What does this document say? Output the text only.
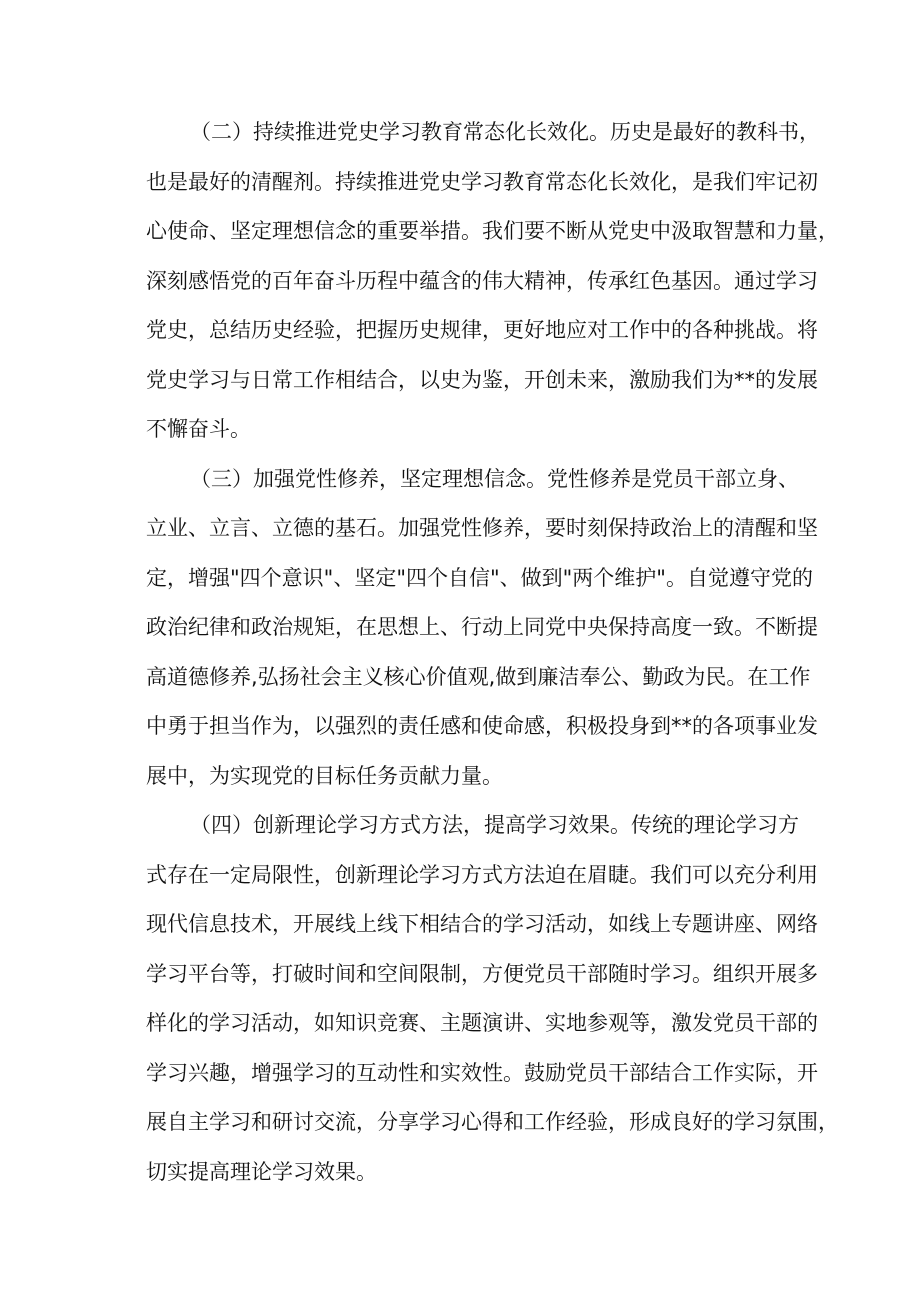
（二）持续推进党史学习教育常态化长效化。历史是最好的教科书，
也是最好的清醒剂。持续推进党史学习教育常态化长效化，是我们牢记初
心使命、坚定理想信念的重要举措。我们要不断从党史中汲取智慧和力量，
深刻感悟党的百年奋斗历程中蕴含的伟大精神，传承红色基因。通过学习
党史，总结历史经验，把握历史规律，更好地应对工作中的各种挑战。将
党史学习与日常工作相结合，以史为鉴，开创未来，激励我们为**的发展
不懈奋斗。
（三）加强党性修养，坚定理想信念。党性修养是党员干部立身、
立业、立言、立德的基石。加强党性修养，要时刻保持政治上的清醒和坚
定，增强"四个意识"、坚定"四个自信"、做到"两个维护"。自觉遵守党的
政治纪律和政治规矩，在思想上、行动上同党中央保持高度一致。不断提
高道德修养,弘扬社会主义核心价值观,做到廉洁奉公、勤政为民。在工作
中勇于担当作为，以强烈的责任感和使命感，积极投身到**的各项事业发
展中，为实现党的目标任务贡献力量。
（四）创新理论学习方式方法，提高学习效果。传统的理论学习方
式存在一定局限性，创新理论学习方式方法迫在眉睫。我们可以充分利用
现代信息技术，开展线上线下相结合的学习活动，如线上专题讲座、网络
学习平台等，打破时间和空间限制，方便党员干部随时学习。组织开展多
样化的学习活动，如知识竞赛、主题演讲、实地参观等，激发党员干部的
学习兴趣，增强学习的互动性和实效性。鼓励党员干部结合工作实际，开
展自主学习和研讨交流，分享学习心得和工作经验，形成良好的学习氛围，
切实提高理论学习效果。
